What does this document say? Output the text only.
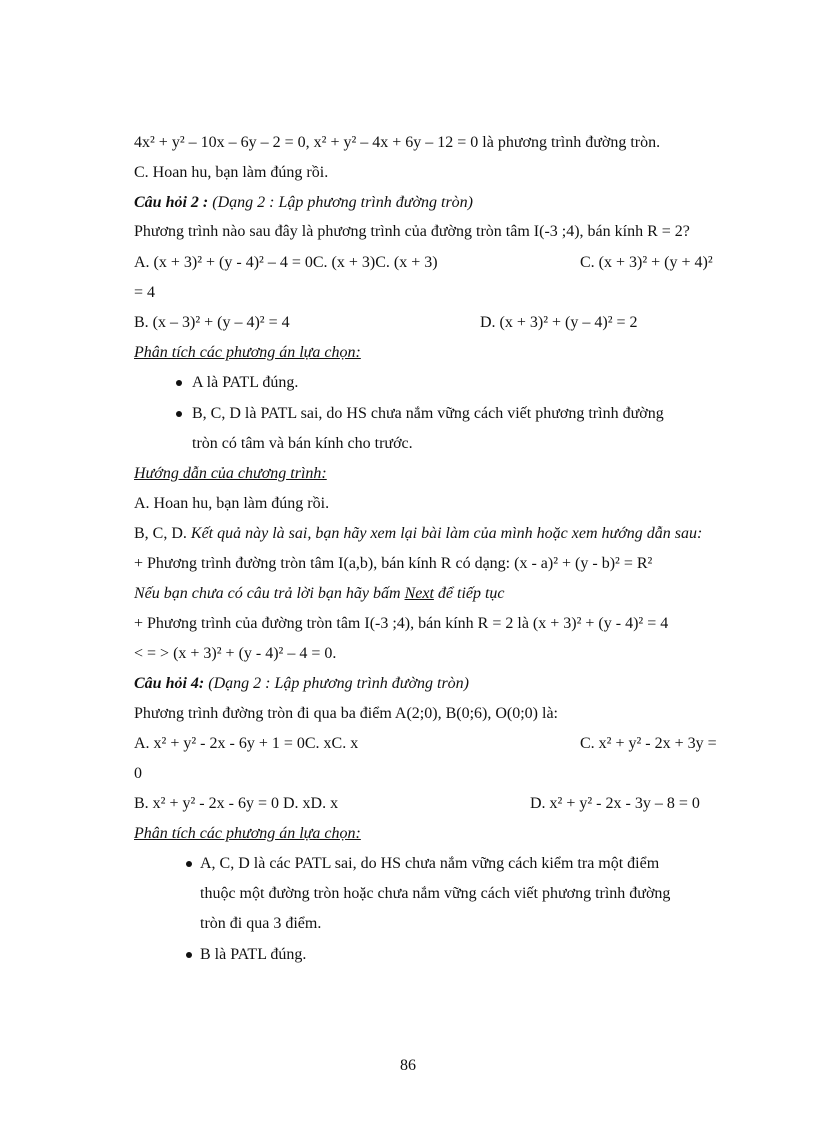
4x² + y² – 10x – 6y – 2 = 0, x² + y² – 4x + 6y – 12 = 0 là phương trình đường tròn.
C. Hoan hu, bạn làm đúng rồi.
Câu hỏi 2 : (Dạng 2 : Lập phương trình đường tròn)
Phương trình nào sau đây là phương trình của đường tròn tâm I(-3 ;4), bán kính R = 2?
A. (x + 3)² + (y - 4)² – 4 = 0C. (x + 3)C. (x + 3)	C. (x + 3)² + (y + 4)²
= 4
B. (x – 3)² + (y – 4)² = 4	D. (x + 3)² + (y – 4)² = 2
Phân tích các phương án lựa chọn:
A là PATL đúng.
B, C, D là PATL sai, do HS chưa nắm vững cách viết phương trình đường
tròn có tâm và bán kính cho trước.
Hướng dẫn của chương trình:
A. Hoan hu, bạn làm đúng rồi.
B, C, D. Kết quả này là sai, bạn hãy xem lại bài làm của mình hoặc xem hướng dẫn sau:
+ Phương trình đường tròn tâm I(a,b), bán kính R có dạng: (x - a)² + (y - b)² = R²
Nếu bạn chưa có câu trả lời bạn hãy bấm Next để tiếp tục
+ Phương trình của đường tròn tâm I(-3 ;4), bán kính R = 2 là (x + 3)² + (y - 4)² = 4
< = > (x + 3)² + (y - 4)² – 4 = 0.
Câu hỏi 4: (Dạng 2 : Lập phương trình đường tròn)
Phương trình đường tròn đi qua ba điểm A(2;0), B(0;6), O(0;0) là:
A. x² + y² - 2x - 6y + 1 = 0C. xC. x	C. x² + y² - 2x + 3y =
0
B. x² + y² - 2x - 6y = 0 D. xD. x	D. x² + y² - 2x - 3y – 8 = 0
Phân tích các phương án lựa chọn:
A, C, D là các PATL sai, do HS chưa nắm vững cách kiểm tra một điểm
thuộc một đường tròn hoặc chưa nắm vững cách viết phương trình đường
tròn đi qua 3 điểm.
B là PATL đúng.
86
